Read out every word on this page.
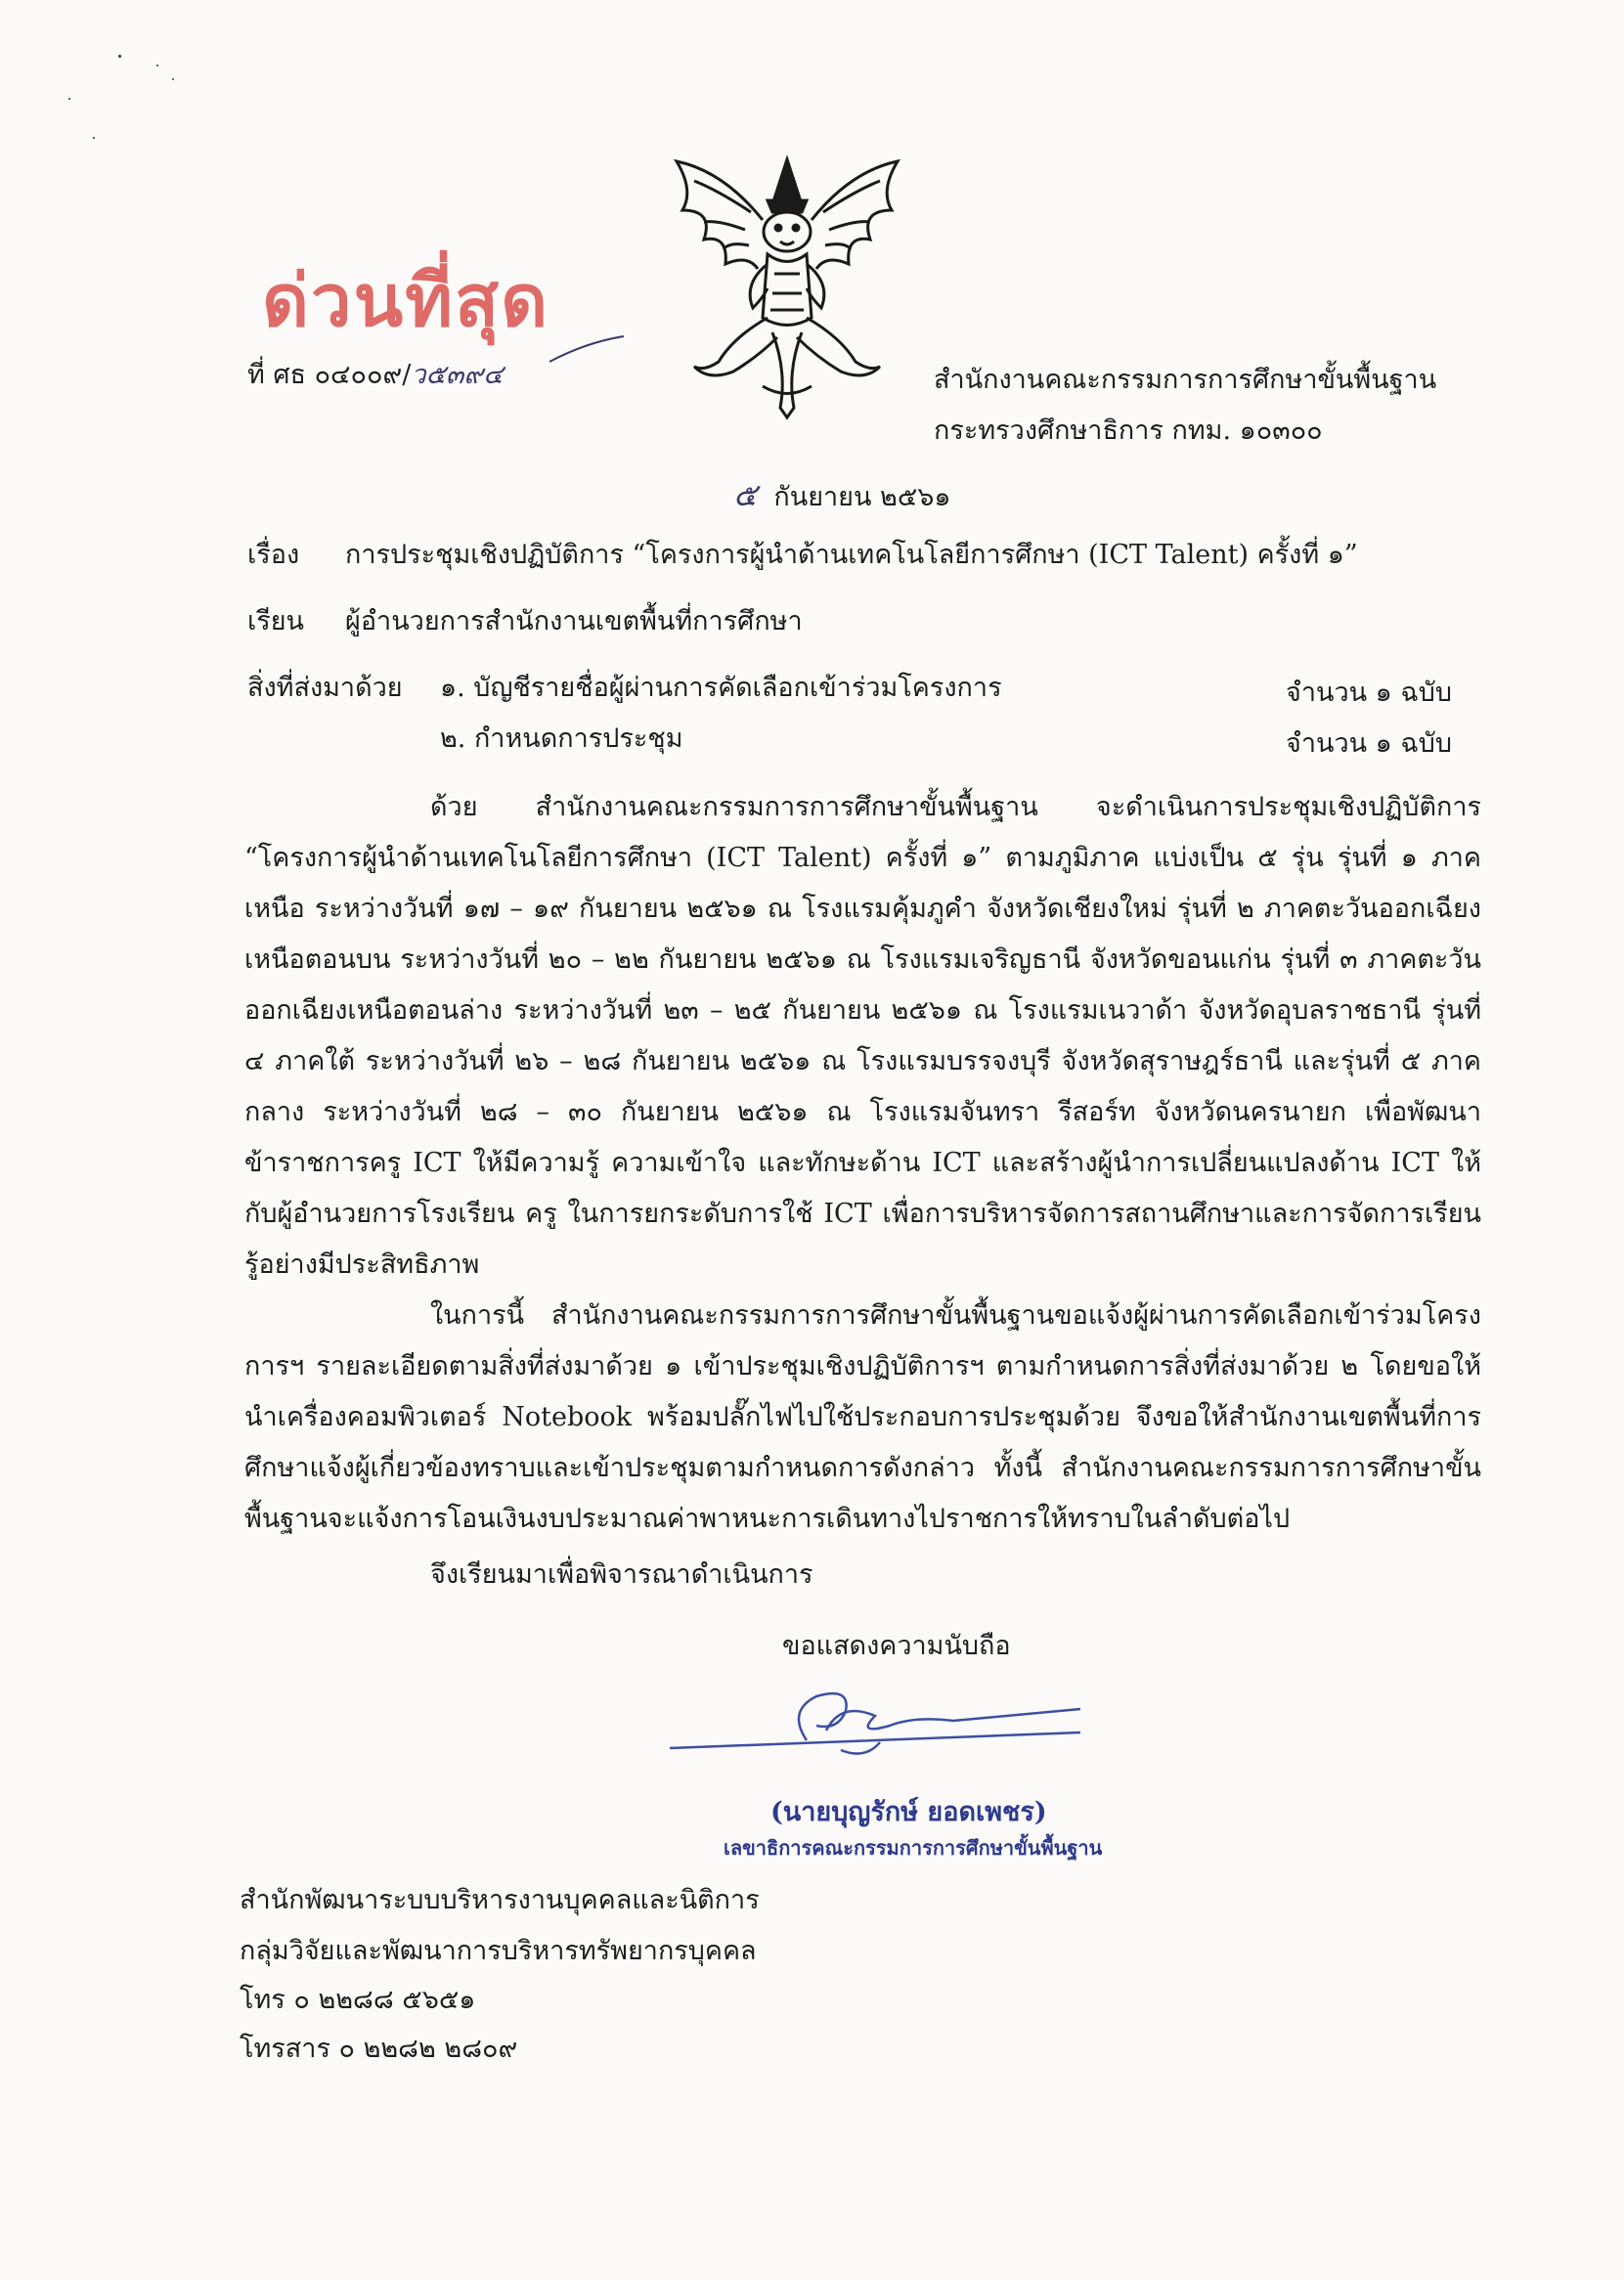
ด่วนที่สุด
ที่ ศธ ๐๔๐๐๙/ว๕๓๙๔	สำนักงานคณะกรรมการการศึกษาขั้นพื้นฐาน
กระทรวงศึกษาธิการ กทม. ๑๐๓๐๐
๕ กันยายน ๒๕๖๑
เรื่อง การประชุมเชิงปฏิบัติการ “โครงการผู้นำด้านเทคโนโลยีการศึกษา (ICT Talent) ครั้งที่ ๑”
เรียน ผู้อำนวยการสำนักงานเขตพื้นที่การศึกษา
สิ่งที่ส่งมาด้วย ๑. บัญชีรายชื่อผู้ผ่านการคัดเลือกเข้าร่วมโครงการ	จำนวน ๑ ฉบับ
๒. กำหนดการประชุม	จำนวน ๑ ฉบับ
ด้วย สำนักงานคณะกรรมการการศึกษาขั้นพื้นฐาน จะดำเนินการประชุมเชิงปฏิบัติการ “โครงการผู้นำด้านเทคโนโลยีการศึกษา (ICT Talent) ครั้งที่ ๑” ตามภูมิภาค แบ่งเป็น ๕ รุ่น รุ่นที่ ๑ ภาคเหนือ ระหว่างวันที่ ๑๗ – ๑๙ กันยายน ๒๕๖๑ ณ โรงแรมคุ้มภูคำ จังหวัดเชียงใหม่ รุ่นที่ ๒ ภาคตะวันออกเฉียงเหนือตอนบน ระหว่างวันที่ ๒๐ – ๒๒ กันยายน ๒๕๖๑ ณ โรงแรมเจริญธานี จังหวัดขอนแก่น รุ่นที่ ๓ ภาคตะวันออกเฉียงเหนือตอนล่าง ระหว่างวันที่ ๒๓ – ๒๕ กันยายน ๒๕๖๑ ณ โรงแรมเนวาด้า จังหวัดอุบลราชธานี รุ่นที่ ๔ ภาคใต้ ระหว่างวันที่ ๒๖ – ๒๘ กันยายน ๒๕๖๑ ณ โรงแรมบรรจงบุรี จังหวัดสุราษฎร์ธานี และรุ่นที่ ๕ ภาคกลาง ระหว่างวันที่ ๒๘ – ๓๐ กันยายน ๒๕๖๑ ณ โรงแรมจันทรา รีสอร์ท จังหวัดนครนายก เพื่อพัฒนาข้าราชการครู ICT ให้มีความรู้ ความเข้าใจ และทักษะด้าน ICT และสร้างผู้นำการเปลี่ยนแปลงด้าน ICT ให้กับผู้อำนวยการโรงเรียน ครู ในการยกระดับการใช้ ICT เพื่อการบริหารจัดการสถานศึกษาและการจัดการเรียนรู้อย่างมีประสิทธิภาพ
ในการนี้ สำนักงานคณะกรรมการการศึกษาขั้นพื้นฐานขอแจ้งผู้ผ่านการคัดเลือกเข้าร่วมโครงการฯ รายละเอียดตามสิ่งที่ส่งมาด้วย ๑ เข้าประชุมเชิงปฏิบัติการฯ ตามกำหนดการสิ่งที่ส่งมาด้วย ๒ โดยขอให้นำเครื่องคอมพิวเตอร์ Notebook พร้อมปลั๊กไฟไปใช้ประกอบการประชุมด้วย จึงขอให้สำนักงานเขตพื้นที่การศึกษาแจ้งผู้เกี่ยวข้องทราบและเข้าประชุมตามกำหนดการดังกล่าว ทั้งนี้ สำนักงานคณะกรรมการการศึกษาขั้นพื้นฐานจะแจ้งการโอนเงินงบประมาณค่าพาหนะการเดินทางไปราชการให้ทราบในลำดับต่อไป
จึงเรียนมาเพื่อพิจารณาดำเนินการ
ขอแสดงความนับถือ
(นายบุญรักษ์ ยอดเพชร)
เลขาธิการคณะกรรมการการศึกษาขั้นพื้นฐาน
สำนักพัฒนาระบบบริหารงานบุคคลและนิติการ
กลุ่มวิจัยและพัฒนาการบริหารทรัพยากรบุคคล
โทร ๐ ๒๒๘๘ ๕๖๕๑
โทรสาร ๐ ๒๒๘๒ ๒๘๐๙
